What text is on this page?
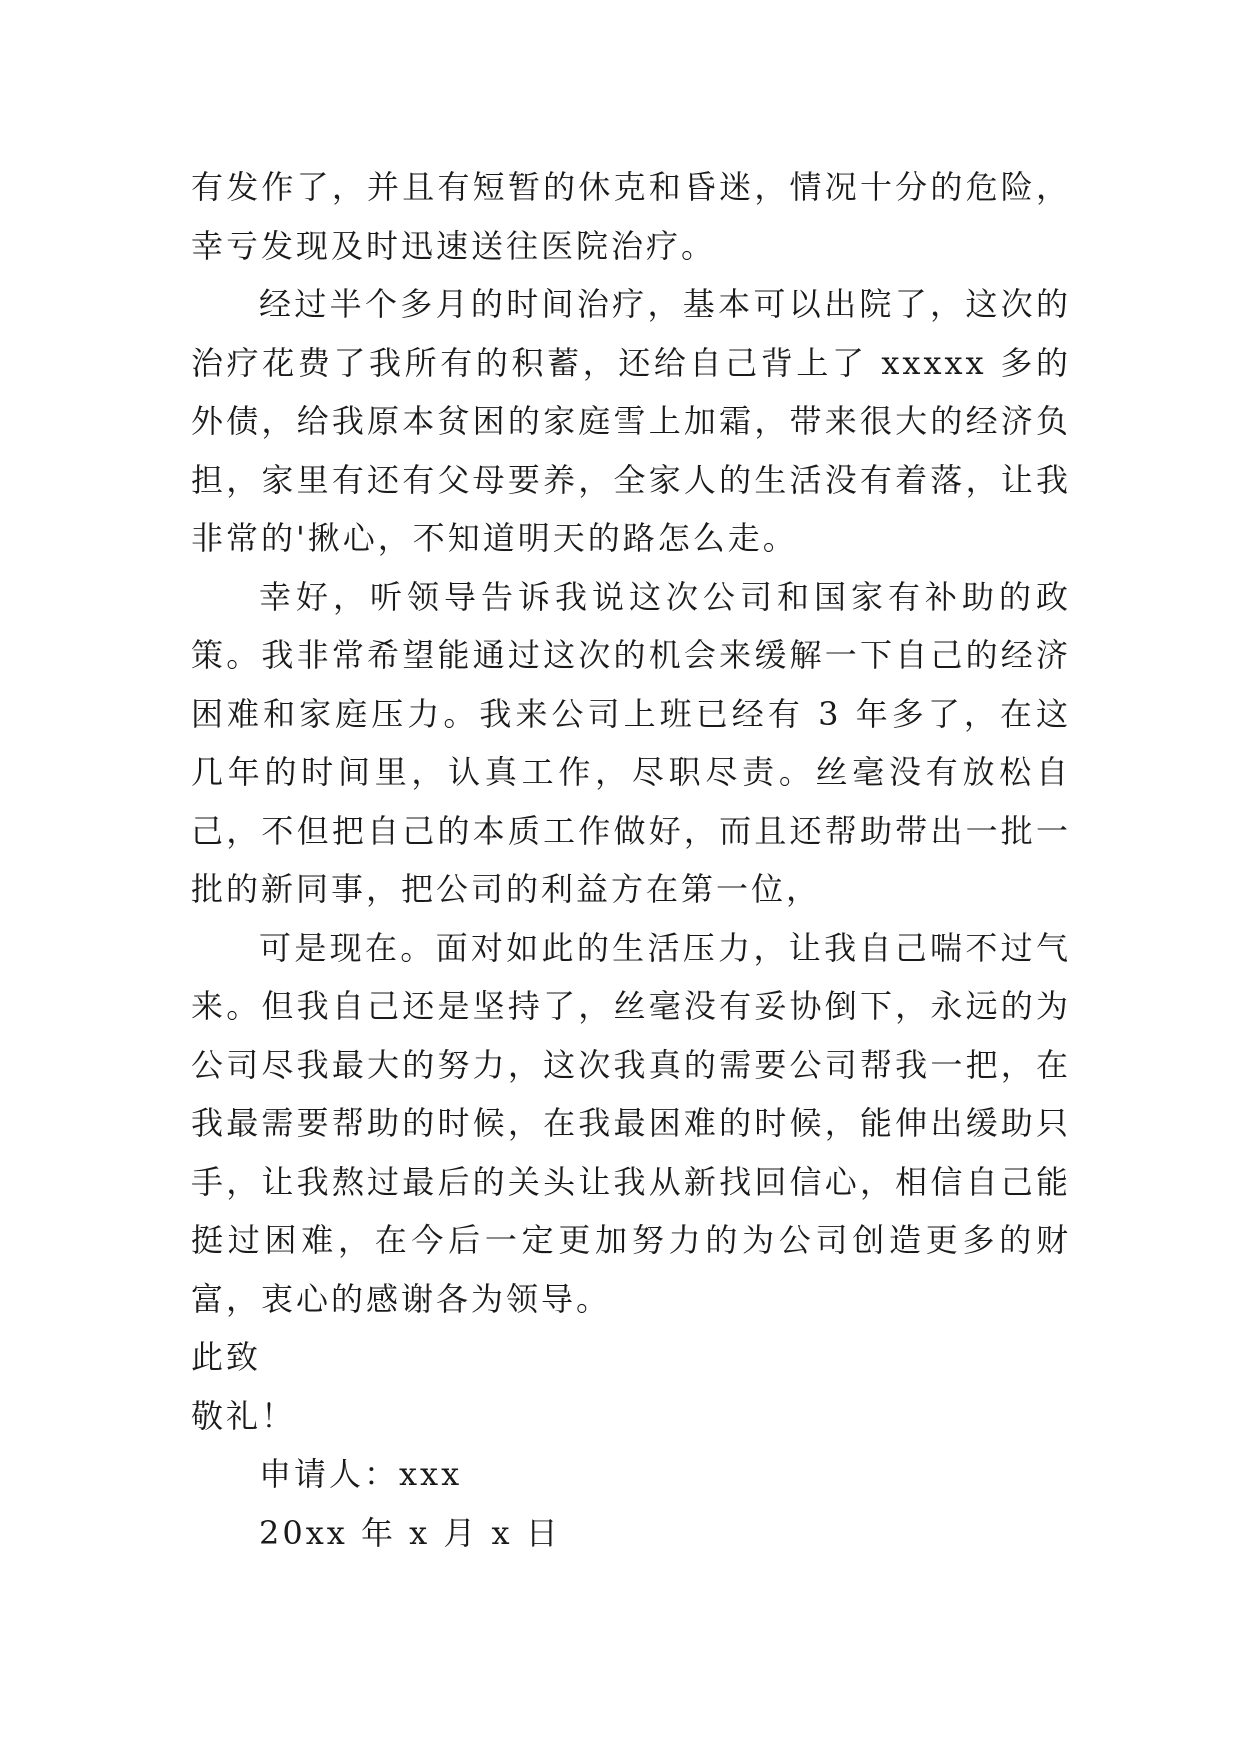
有发作了，并且有短暂的休克和昏迷，情况十分的危险，幸亏发现及时迅速送往医院治疗。

经过半个多月的时间治疗，基本可以出院了，这次的治疗花费了我所有的积蓄，还给自己背上了 xxxxx 多的外债，给我原本贫困的家庭雪上加霜，带来很大的经济负担，家里有还有父母要养，全家人的生活没有着落，让我非常的'揪心，不知道明天的路怎么走。

幸好，听领导告诉我说这次公司和国家有补助的政策。我非常希望能通过这次的机会来缓解一下自己的经济困难和家庭压力。我来公司上班已经有 3 年多了，在这几年的时间里，认真工作，尽职尽责。丝毫没有放松自己，不但把自己的本质工作做好，而且还帮助带出一批一批的新同事，把公司的利益方在第一位，

可是现在。面对如此的生活压力，让我自己喘不过气来。但我自己还是坚持了，丝毫没有妥协倒下，永远的为公司尽我最大的努力，这次我真的需要公司帮我一把，在我最需要帮助的时候，在我最困难的时候，能伸出缓助只手，让我熬过最后的关头让我从新找回信心，相信自己能挺过困难，在今后一定更加努力的为公司创造更多的财富，衷心的感谢各为领导。

此致

敬礼！

申请人：xxx

20xx 年 x 月 x 日
